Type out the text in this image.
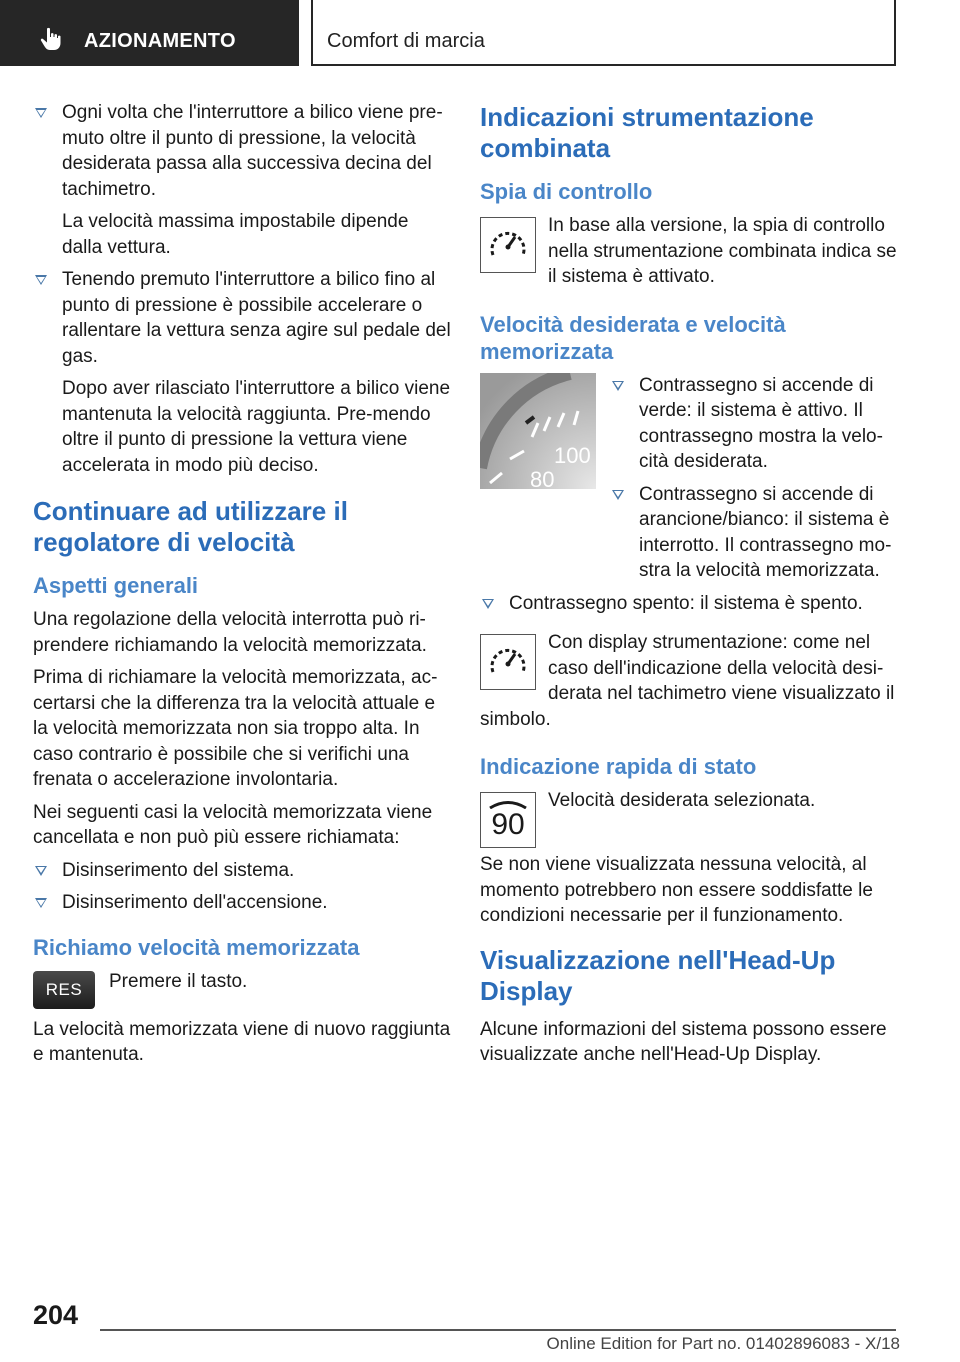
AZIONAMENTO	Comfort di marcia
Ogni volta che l'interruttore a bilico viene pre-muto oltre il punto di pressione, la velocità desiderata passa alla successiva decina del tachimetro.
La velocità massima impostabile dipende dalla vettura.
Tenendo premuto l'interruttore a bilico fino al punto di pressione è possibile accelerare o rallentare la vettura senza agire sul pedale del gas.
Dopo aver rilasciato l'interruttore a bilico viene mantenuta la velocità raggiunta. Pre-mendo oltre il punto di pressione la vettura viene accelerata in modo più deciso.
Continuare ad utilizzare il regolatore di velocità
Aspetti generali

Una regolazione della velocità interrotta può ri-prendere richiamando la velocità memorizzata.

Prima di richiamare la velocità memorizzata, ac-certarsi che la differenza tra la velocità attuale e la velocità memorizzata non sia troppo alta. In caso contrario è possibile che si verifichi una frenata o accelerazione involontaria.

Nei seguenti casi la velocità memorizzata viene cancellata e non può più essere richiamata:

Disinserimento del sistema.
Disinserimento dell'accensione.
Richiamo velocità memorizzata
RES	Premere il tasto.

La velocità memorizzata viene di nuovo raggiunta e mantenuta.

Indicazioni strumentazione combinata
Spia di controllo

In base alla versione, la spia di controllo nella strumentazione combinata indica se il sistema è attivato.

Velocità desiderata e velocità memorizzata
100
80
Contrassegno si accende di verde: il sistema è attivo. Il contrassegno mostra la velo-cità desiderata.
Contrassegno si accende di arancione/bianco: il sistema è interrotto. Il contrassegno mo-stra la velocità memorizzata.
Contrassegno spento: il sistema è spento.

Con display strumentazione: come nel caso dell'indicazione della velocità desi-derata nel tachimetro viene visualizzato il simbolo.

Indicazione rapida di stato
90

Velocità desiderata selezionata.

Se non viene visualizzata nessuna velocità, al momento potrebbero non essere soddisfatte le condizioni necessarie per il funzionamento.

Visualizzazione nell'Head-Up Display

Alcune informazioni del sistema possono essere visualizzate anche nell'Head-Up Display.

204
Online Edition for Part no. 01402896083 - X/18
